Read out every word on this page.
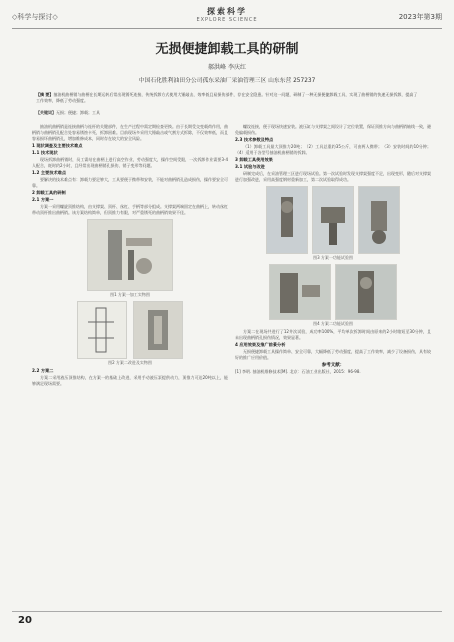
◇科学与探讨◇
探索科学
EXPLORE SCIENCE	2023年第3期
无损便捷卸载工具的研制
郝洪峰 李庆红
中国石化胜利油田分公司孤东采油厂采油管理三区 山东东营 257237
【摘 要】抽油机曲柄销与曲柄在长期运转后常出现锈死连接，传统拆卸方式使用大锤敲击，效率低且易损伤部件，存在安全隐患。针对这一问题，研制了一种无损便捷卸载工具，实现了曲柄销的快速无损拆卸，提高了工作效率，降低了劳动强度。
【关键词】无损；便捷；卸载；工具

抽油机曲柄销是连接曲柄与连杆的关键部件，在生产过程中需定期检查更换。由于长期受交变载荷作用，曲柄销与曲柄销孔配合处容易锈蚀卡死，拆卸困难。目前现场多采用大锤敲击或气割方式拆除，不仅效率低，而且容易损坏曲柄销孔，增加维修成本，同时存在较大的安全风险。

1 现状调查及主要技术难点
1.1 技术现状

现场拆卸曲柄销时，员工需站在曲柄上进行高空作业，劳动强度大，操作空间受限，一次拆卸作业需要3-4人配合，耗时约2小时，且经常出现曲柄销孔损伤、销子变形等问题。

1.2 主要技术难点

要解决的技术难点有：卸载力要足够大，工具要便于携带和安装，不能对曲柄销孔造成损伤，操作要安全可靠。

2 卸载工具的研制
2.1 方案一

方案一采用螺旋顶推结构，由支撑架、顶杆、丝杠、手柄等部分组成。支撑架两端固定在曲柄上，转动丝杠带动顶杆推出曲柄销。该方案结构简单，但顶推力有限，对严重锈死的曲柄销效果不佳。

图1 方案一加工实物图
图2 方案二改进及实物图
2.2 方案二

方案二采用液压顶推结构，在方案一的基础上改进，采用手动液压泵提供动力，顶推力可达20吨以上，能够满足现场需要。

螺纹连接，便于现场快速安装。液压缸与支撑架之间设计了定位装置，保证顶推方向与曲柄销轴线一致，避免偏载损伤。

2.3 技术参数及特点

（1）卸载工具最大顶推力20吨；（2）工具总重约35公斤，可由两人携带；（3）安装时间约10分钟；（4）适用于各型号抽油机曲柄销的拆卸。

3 卸载工具使用效果
3.1 试验与改进

研制完成后，在采油管理三区进行现场试验。第一次试验时发现支撑架强度不足，出现变形，随后对支撑架进行加强改进，采用高强度钢材重新加工，第二次试验取得成功。

图3 方案一功能试验图
图4 方案二功能试验图

方案二在现场共进行了12井次试验，成功率100%，平均单次拆卸时间由原来的2小时缩短至30分钟，且未出现曲柄销孔损伤情况，效果显著。

4 应用效果及推广前景分析

无损便捷卸载工具操作简单、安全可靠，大幅降低了劳动强度，提高了工作效率，减少了设备损伤，具有较好的推广应用价值。

参考文献：

[1] 李明. 抽油机维修技术[M]. 北京：石油工业出版社，2015：96-98.

20
